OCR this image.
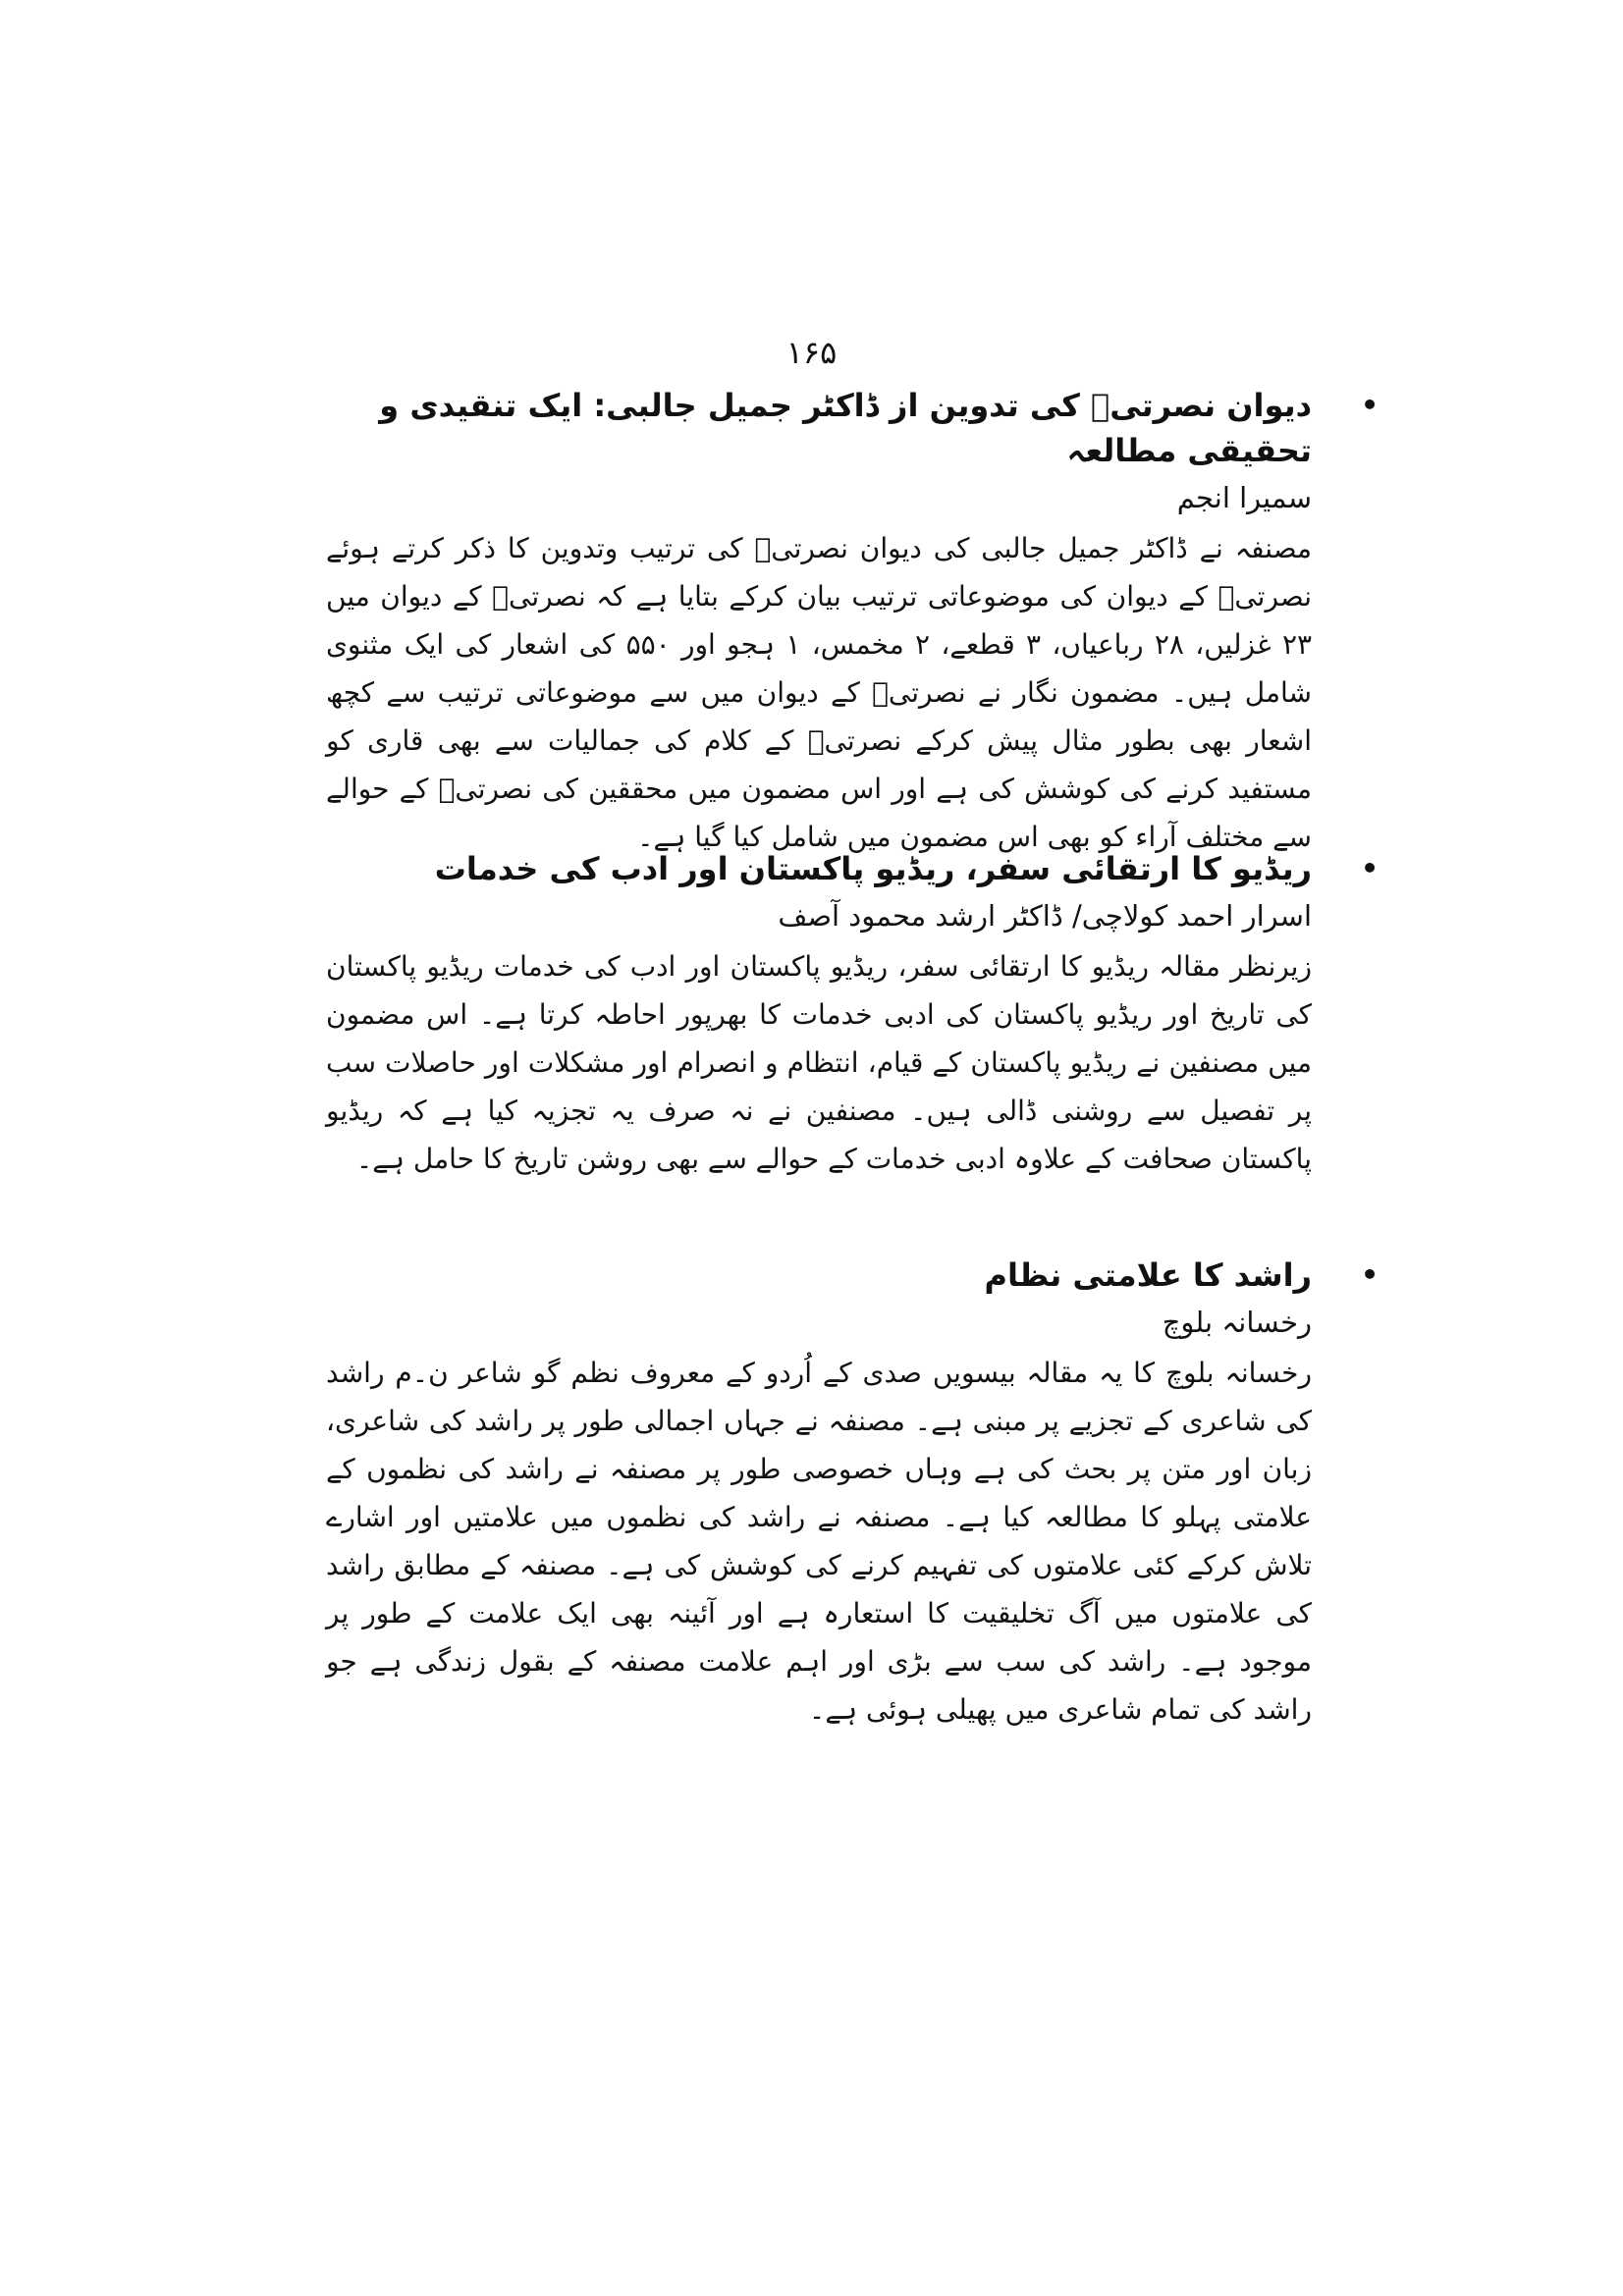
۱۶۵
•
دیوان نصرتیؔ کی تدوین از ڈاکٹر جمیل جالبی: ایک تنقیدی و تحقیقی مطالعہ
سمیرا انجم

مصنفہ نے ڈاکٹر جمیل جالبی کی دیوان نصرتیؔ کی ترتیب وتدوین کا ذکر کرتے ہوئے نصرتیؔ کے دیوان کی موضوعاتی ترتیب بیان کرکے بتایا ہے کہ نصرتیؔ کے دیوان میں ۲۳ غزلیں، ۲۸ رباعیاں، ۳ قطعے، ۲ مخمس، ۱ ہجو اور ۵۵۰ کی اشعار کی ایک مثنوی شامل ہیں۔ مضمون نگار نے نصرتیؔ کے دیوان میں سے موضوعاتی ترتیب سے کچھ اشعار بھی بطور مثال پیش کرکے نصرتیؔ کے کلام کی جمالیات سے بھی قاری کو مستفید کرنے کی کوشش کی ہے اور اس مضمون میں محققین کی نصرتیؔ کے حوالے سے مختلف آراء کو بھی اس مضمون میں شامل کیا گیا ہے۔

•
ریڈیو کا ارتقائی سفر، ریڈیو پاکستان اور ادب کی خدمات
اسرار احمد کولاچی/ ڈاکٹر ارشد محمود آصف

زیرنظر مقالہ ریڈیو کا ارتقائی سفر، ریڈیو پاکستان اور ادب کی خدمات ریڈیو پاکستان کی تاریخ اور ریڈیو پاکستان کی ادبی خدمات کا بھرپور احاطہ کرتا ہے۔ اس مضمون میں مصنفین نے ریڈیو پاکستان کے قیام، انتظام و انصرام اور مشکلات اور حاصلات سب پر تفصیل سے روشنی ڈالی ہیں۔ مصنفین نے نہ صرف یہ تجزیہ کیا ہے کہ ریڈیو پاکستان صحافت کے علاوہ ادبی خدمات کے حوالے سے بھی روشن تاریخ کا حامل ہے۔

•
راشد کا علامتی نظام
رخسانہ بلوچ

رخسانہ بلوچ کا یہ مقالہ بیسویں صدی کے اُردو کے معروف نظم گو شاعر ن۔م راشد کی شاعری کے تجزیے پر مبنی ہے۔ مصنفہ نے جہاں اجمالی طور پر راشد کی شاعری، زبان اور متن پر بحث کی ہے وہاں خصوصی طور پر مصنفہ نے راشد کی نظموں کے علامتی پہلو کا مطالعہ کیا ہے۔ مصنفہ نے راشد کی نظموں میں علامتیں اور اشارے تلاش کرکے کئی علامتوں کی تفہیم کرنے کی کوشش کی ہے۔ مصنفہ کے مطابق راشد کی علامتوں میں آگ تخلیقیت کا استعارہ ہے اور آئینہ بھی ایک علامت کے طور پر موجود ہے۔ راشد کی سب سے بڑی اور اہم علامت مصنفہ کے بقول زندگی ہے جو راشد کی تمام شاعری میں پھیلی ہوئی ہے۔
